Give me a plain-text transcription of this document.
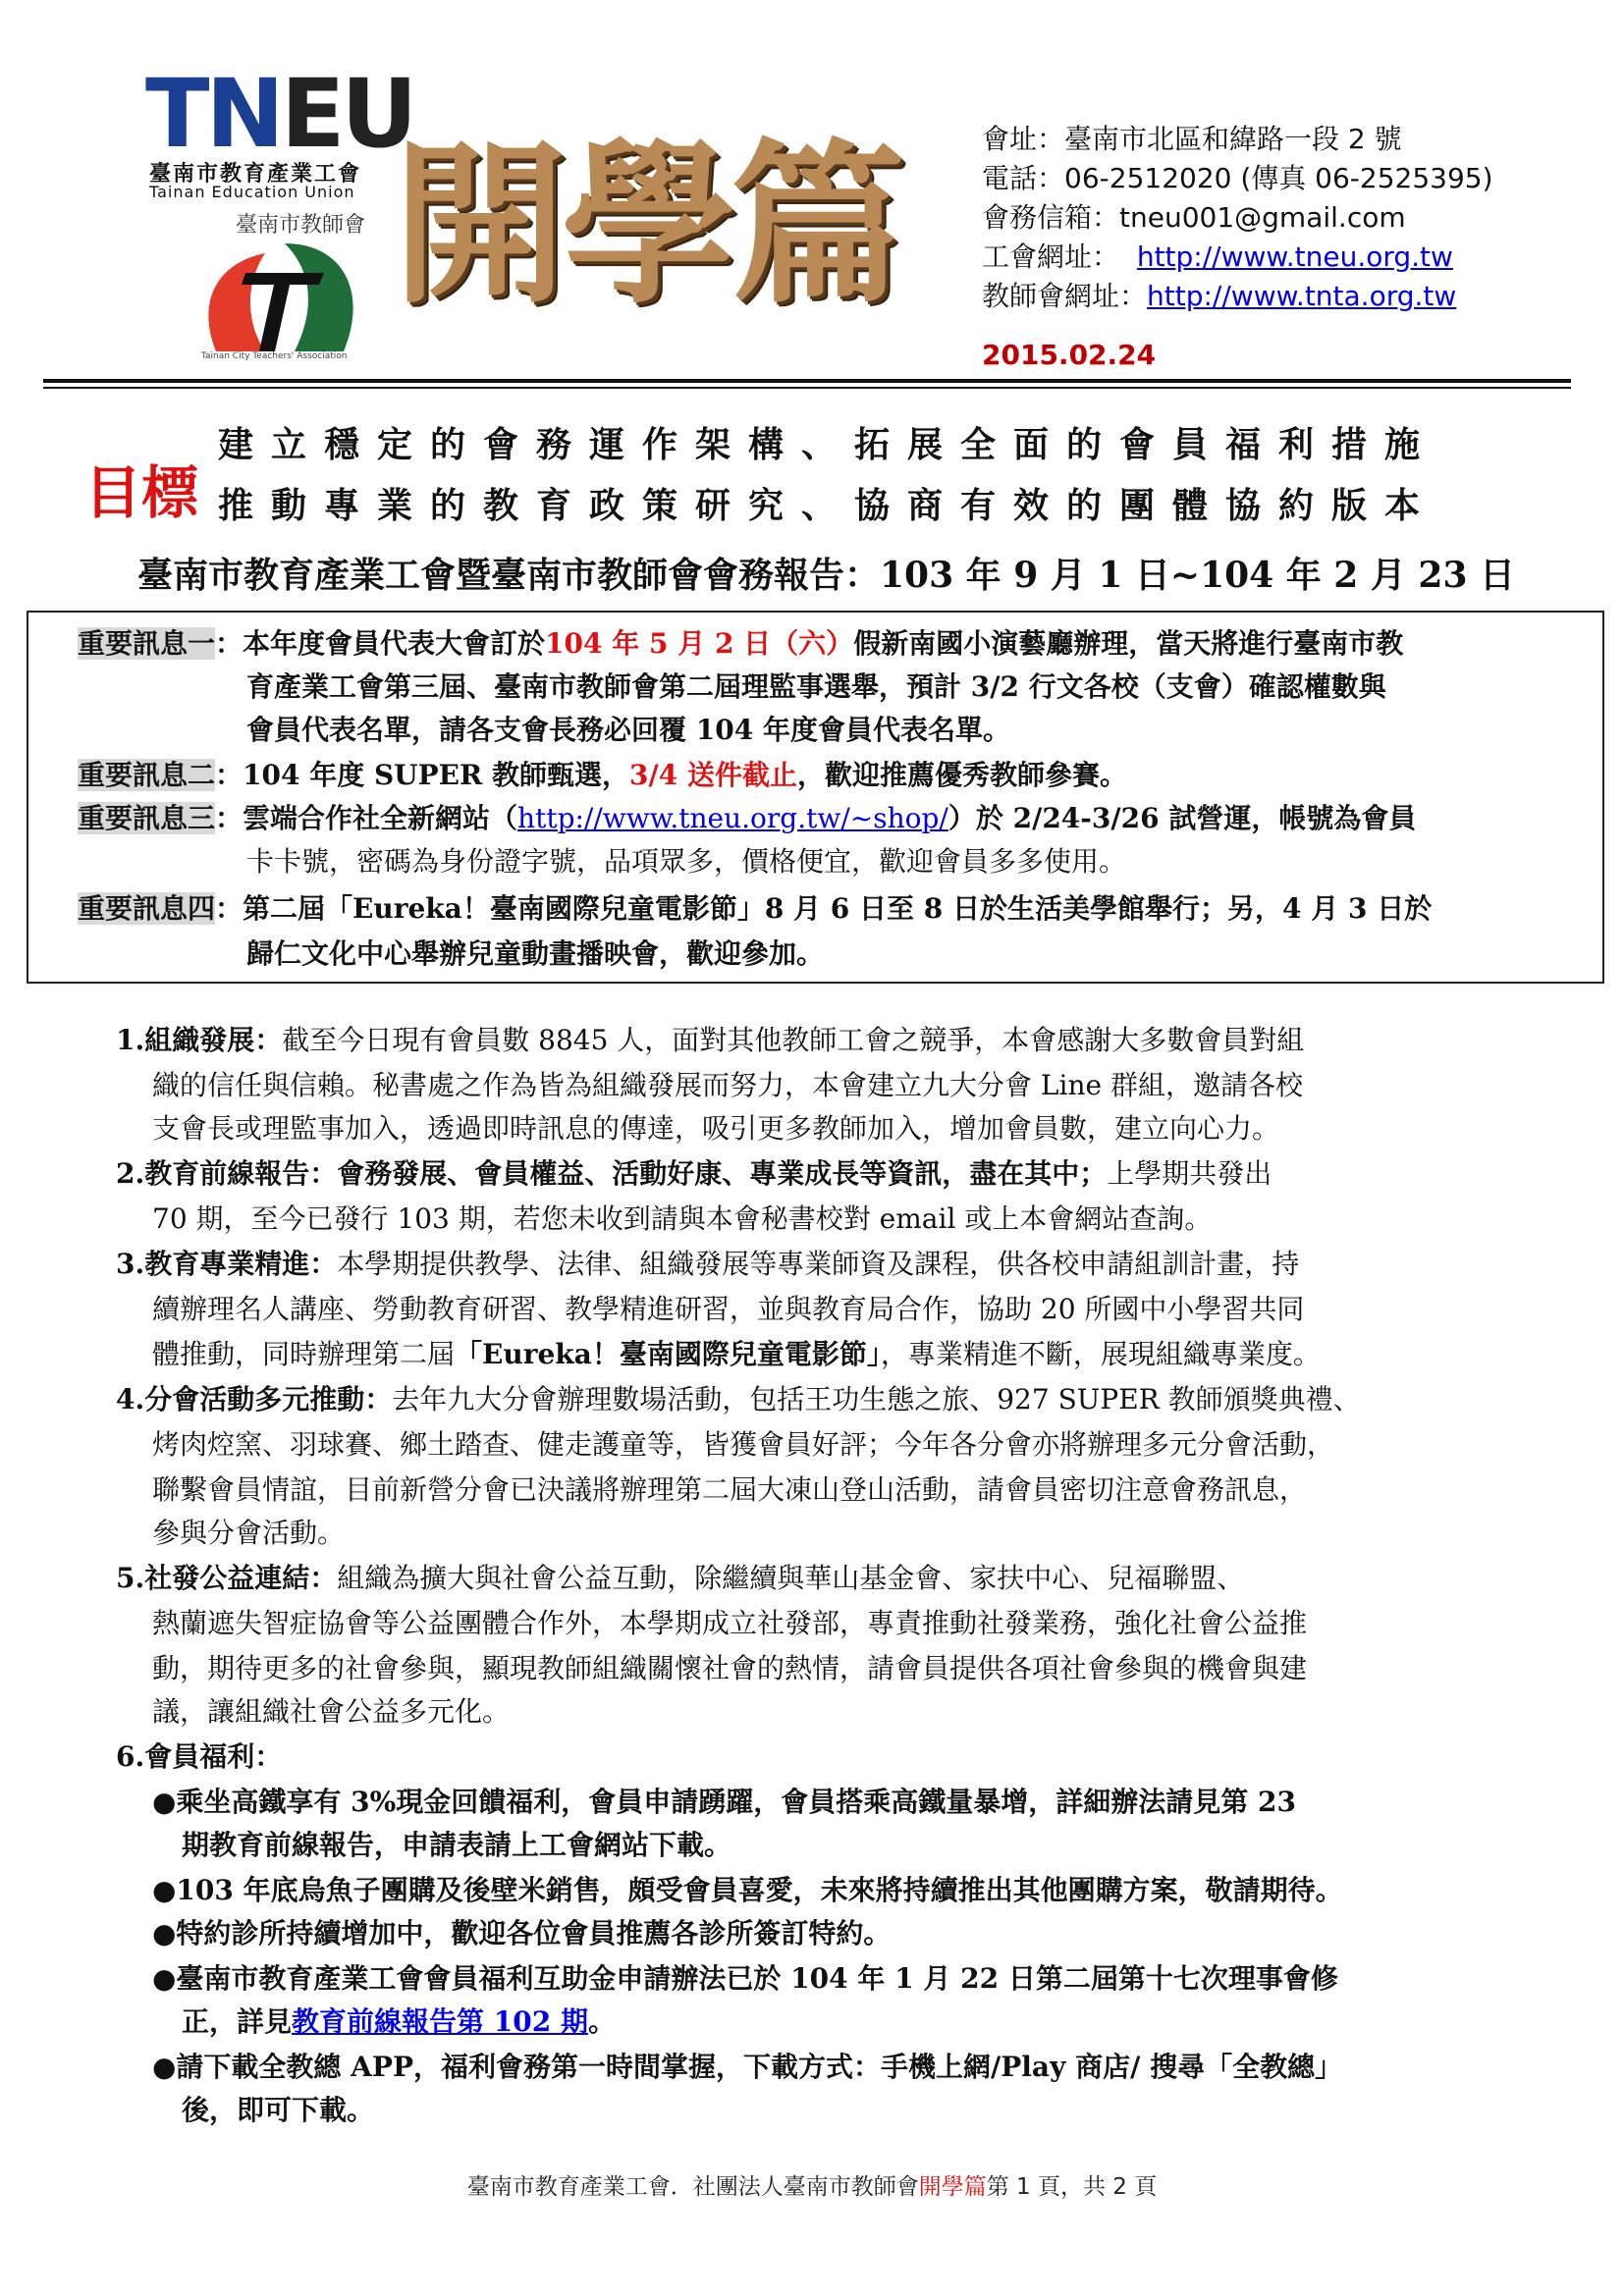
TNEU
臺南市教育產業工會
Tainan Education Union
臺南市教師會
Tainan City Teachers' Association
開學篇	會址：臺南市北區和緯路一段 2 號
電話：06-2512020 (傳真 06-2525395)
會務信箱：tneu001@gmail.com
工會網址： http://www.tneu.org.tw
教師會網址：http://www.tnta.org.tw
2015.02.24
目標
建立穩定的會務運作架構、拓展全面的會員福利措施
推動專業的教育政策研究、協商有效的團體協約版本
臺南市教育產業工會暨臺南市教師會會務報告：103 年 9 月 1 日~104 年 2 月 23 日
重要訊息一：本年度會員代表大會訂於104 年 5 月 2 日（六）假新南國小演藝廳辦理，當天將進行臺南市教
育產業工會第三屆、臺南市教師會第二屆理監事選舉，預計 3/2 行文各校（支會）確認權數與
會員代表名單，請各支會長務必回覆 104 年度會員代表名單。
重要訊息二：104 年度 SUPER 教師甄選，3/4 送件截止，歡迎推薦優秀教師參賽。
重要訊息三：雲端合作社全新網站（http://www.tneu.org.tw/~shop/）於 2/24-3/26 試營運，帳號為會員
卡卡號，密碼為身份證字號，品項眾多，價格便宜，歡迎會員多多使用。
重要訊息四：第二屆「Eureka！臺南國際兒童電影節」8 月 6 日至 8 日於生活美學館舉行；另，4 月 3 日於
歸仁文化中心舉辦兒童動畫播映會，歡迎參加。
1.組織發展：截至今日現有會員數 8845 人，面對其他教師工會之競爭，本會感謝大多數會員對組
織的信任與信賴。秘書處之作為皆為組織發展而努力，本會建立九大分會 Line 群組，邀請各校
支會長或理監事加入，透過即時訊息的傳達，吸引更多教師加入，增加會員數，建立向心力。
2.教育前線報告：會務發展、會員權益、活動好康、專業成長等資訊，盡在其中；上學期共發出
70 期，至今已發行 103 期，若您未收到請與本會秘書校對 email 或上本會網站查詢。
3.教育專業精進：本學期提供教學、法律、組織發展等專業師資及課程，供各校申請組訓計畫，持
續辦理名人講座、勞動教育研習、教學精進研習，並與教育局合作，協助 20 所國中小學習共同
體推動，同時辦理第二屆「Eureka！臺南國際兒童電影節」，專業精進不斷，展現組織專業度。
4.分會活動多元推動：去年九大分會辦理數場活動，包括王功生態之旅、927 SUPER 教師頒獎典禮、
烤肉焢窯、羽球賽、鄉土踏查、健走護童等，皆獲會員好評；今年各分會亦將辦理多元分會活動，
聯繫會員情誼，目前新營分會已決議將辦理第二屆大凍山登山活動，請會員密切注意會務訊息，
參與分會活動。
5.社發公益連結：組織為擴大與社會公益互動，除繼續與華山基金會、家扶中心、兒福聯盟、
熱蘭遮失智症協會等公益團體合作外，本學期成立社發部，專責推動社發業務，強化社會公益推
動，期待更多的社會參與，顯現教師組織關懷社會的熱情，請會員提供各項社會參與的機會與建
議，讓組織社會公益多元化。
6.會員福利：
●乘坐高鐵享有 3%現金回饋福利，會員申請踴躍，會員搭乘高鐵量暴增，詳細辦法請見第 23
期教育前線報告，申請表請上工會網站下載。
●103 年底烏魚子團購及後壁米銷售，頗受會員喜愛，未來將持續推出其他團購方案，敬請期待。
●特約診所持續增加中，歡迎各位會員推薦各診所簽訂特約。
●臺南市教育產業工會會員福利互助金申請辦法已於 104 年 1 月 22 日第二屆第十七次理事會修
正，詳見教育前線報告第 102 期。
●請下載全教總 APP，福利會務第一時間掌握，下載方式：手機上網/Play 商店/ 搜尋「全教總」
後，即可下載。
臺南市教育產業工會．社團法人臺南市教師會開學篇第 1 頁，共 2 頁
